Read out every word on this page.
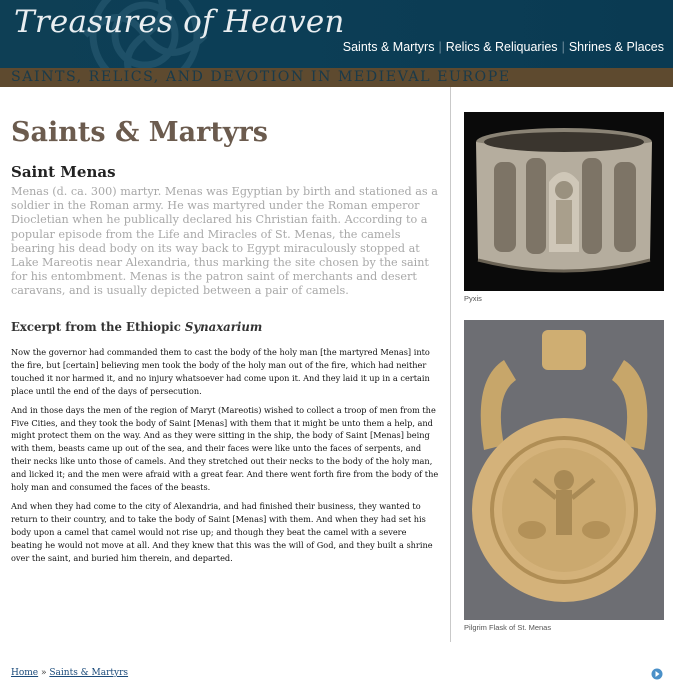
Treasures of Heaven
Saints & Martyrs | Relics & Reliquaries | Shrines & Places
SAINTS, RELICS, AND DEVOTION IN MEDIEVAL EUROPE
Saints & Martyrs
Saint Menas

Menas (d. ca. 300) martyr. Menas was Egyptian by birth and stationed as a soldier in the Roman army. He was martyred under the Roman emperor Diocletian when he publically declared his Christian faith. According to a popular episode from the Life and Miracles of St. Menas, the camels bearing his dead body on its way back to Egypt miraculously stopped at Lake Mareotis near Alexandria, thus marking the site chosen by the saint for his entombment. Menas is the patron saint of merchants and desert caravans, and is usually depicted between a pair of camels.

Excerpt from the Ethiopic Synaxarium

Now the governor had commanded them to cast the body of the holy man [the martyred Menas] into the fire, but [certain] believing men took the body of the holy man out of the fire, which had neither touched it nor harmed it, and no injury whatsoever had come upon it. And they laid it up in a certain place until the end of the days of persecution.

And in those days the men of the region of Maryt (Mareotis) wished to collect a troop of men from the Five Cities, and they took the body of Saint [Menas] with them that it might be unto them a help, and might protect them on the way. And as they were sitting in the ship, the body of Saint [Menas] being with them, beasts came up out of the sea, and their faces were like unto the faces of serpents, and their necks like unto those of camels. And they stretched out their necks to the body of the holy man, and licked it; and the men were afraid with a great fear. And there went forth fire from the body of the holy man and consumed the faces of the beasts.

And when they had come to the city of Alexandria, and had finished their business, they wanted to return to their country, and to take the body of Saint [Menas] with them. And when they had set his body upon a camel that camel would not rise up; and though they beat the camel with a severe beating he would not move at all. And they knew that this was the will of God, and they built a shrine over the saint, and buried him therein, and departed.

Pyxis
Pilgrim Flask of St. Menas
Home » Saints & Martyrs
